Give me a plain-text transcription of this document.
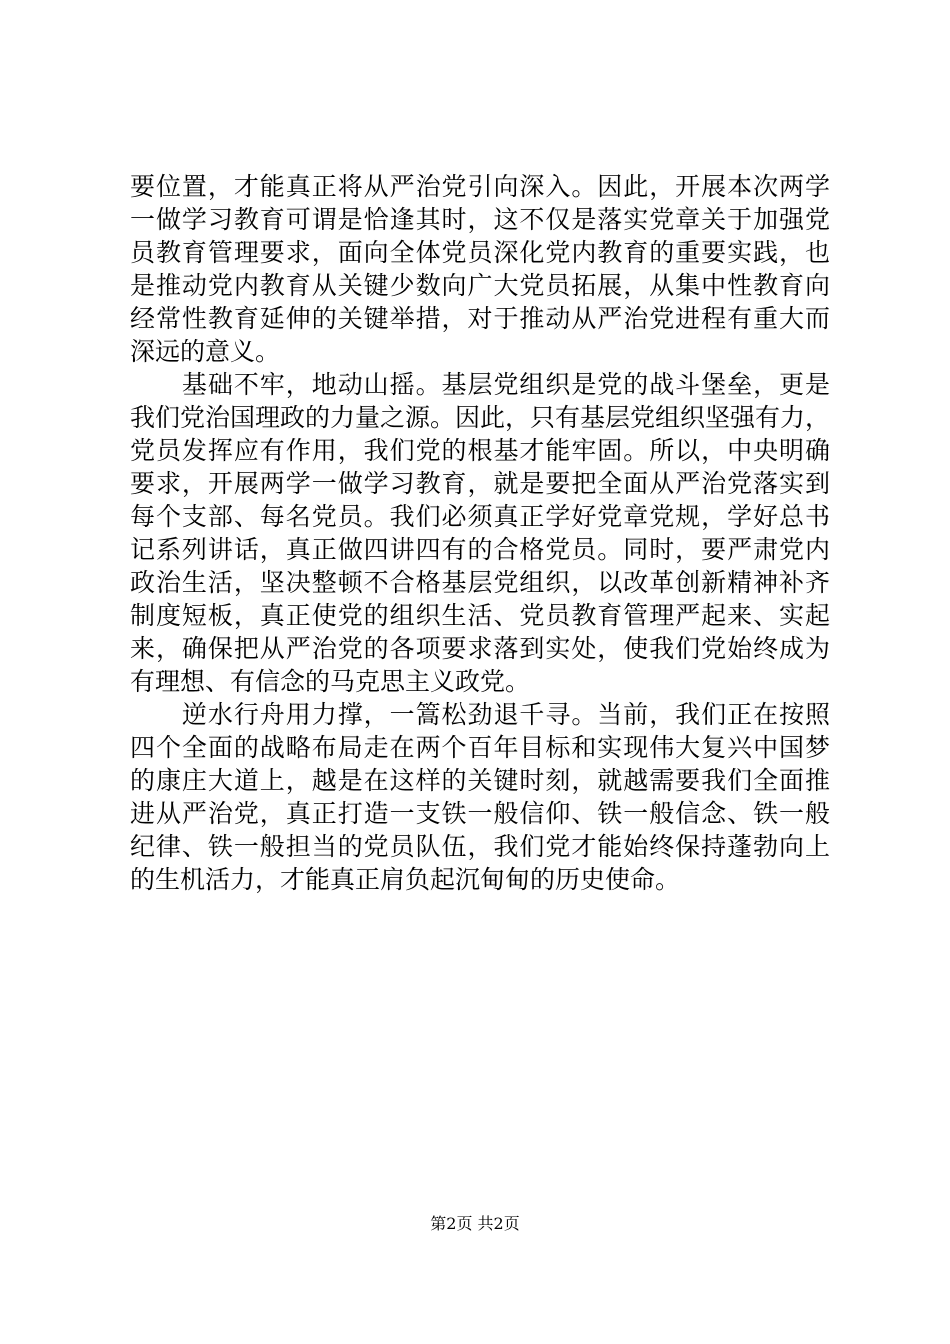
要位置，才能真正将从严治党引向深入。因此，开展本次两学
一做学习教育可谓是恰逢其时，这不仅是落实党章关于加强党
员教育管理要求，面向全体党员深化党内教育的重要实践，也
是推动党内教育从关键少数向广大党员拓展，从集中性教育向
经常性教育延伸的关键举措，对于推动从严治党进程有重大而
深远的意义。
　　基础不牢，地动山摇。基层党组织是党的战斗堡垒，更是
我们党治国理政的力量之源。因此，只有基层党组织坚强有力，
党员发挥应有作用，我们党的根基才能牢固。所以，中央明确
要求，开展两学一做学习教育，就是要把全面从严治党落实到
每个支部、每名党员。我们必须真正学好党章党规，学好总书
记系列讲话，真正做四讲四有的合格党员。同时，要严肃党内
政治生活，坚决整顿不合格基层党组织，以改革创新精神补齐
制度短板，真正使党的组织生活、党员教育管理严起来、实起
来，确保把从严治党的各项要求落到实处，使我们党始终成为
有理想、有信念的马克思主义政党。
　　逆水行舟用力撑，一篙松劲退千寻。当前，我们正在按照
四个全面的战略布局走在两个百年目标和实现伟大复兴中国梦
的康庄大道上，越是在这样的关键时刻，就越需要我们全面推
进从严治党，真正打造一支铁一般信仰、铁一般信念、铁一般
纪律、铁一般担当的党员队伍，我们党才能始终保持蓬勃向上
的生机活力，才能真正肩负起沉甸甸的历史使命。
第2页 共2页
